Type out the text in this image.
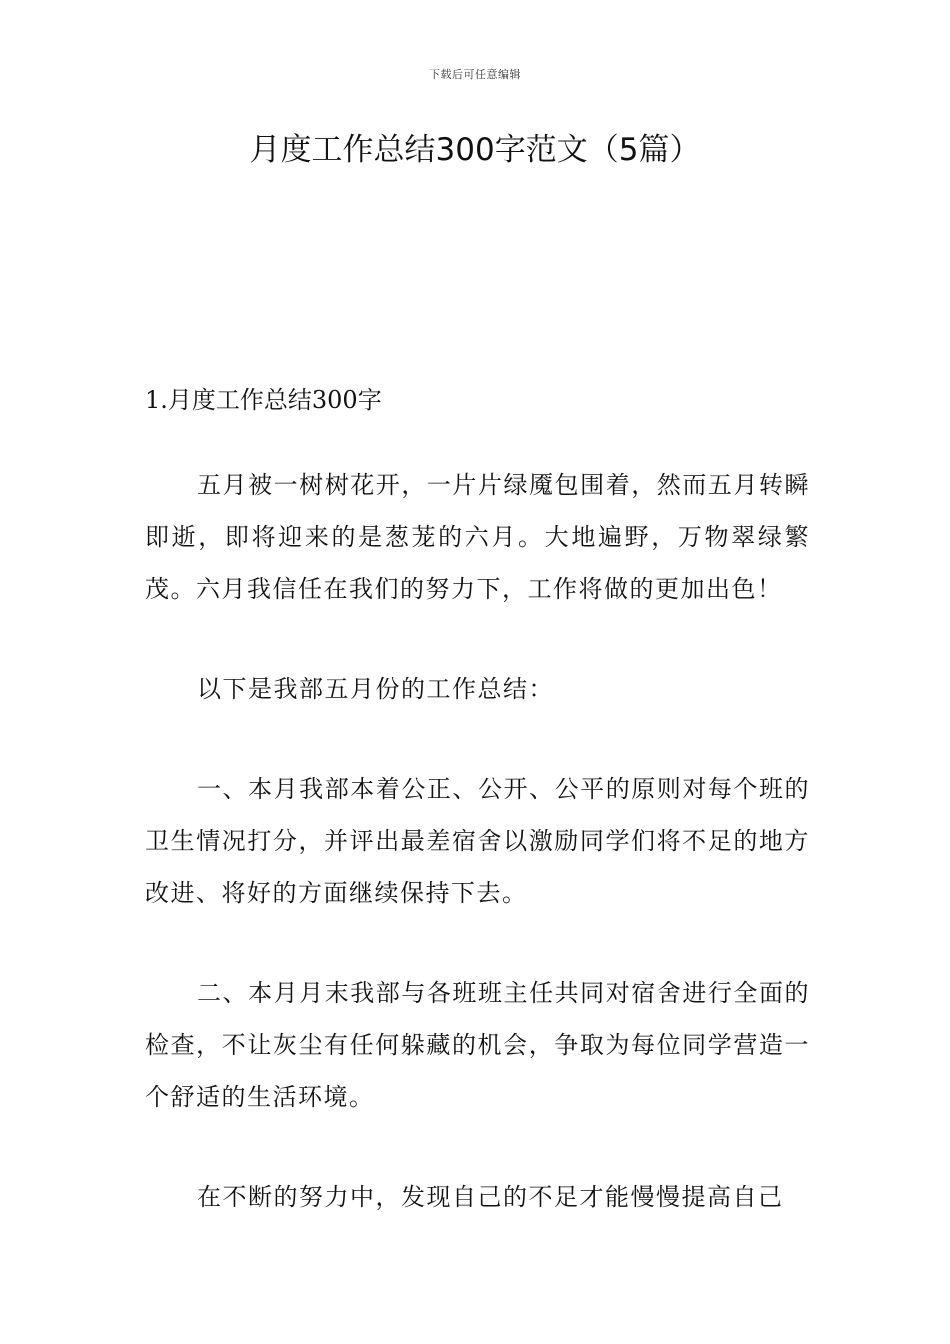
下载后可任意编辑
月度工作总结300字范文（5篇）
1.月度工作总结300字

五月被一树树花开，一片片绿魇包围着，然而五月转瞬即逝，即将迎来的是葱茏的六月。大地遍野，万物翠绿繁茂。六月我信任在我们的努力下，工作将做的更加出色！

以下是我部五月份的工作总结：

一、本月我部本着公正、公开、公平的原则对每个班的卫生情况打分，并评出最差宿舍以激励同学们将不足的地方改进、将好的方面继续保持下去。

二、本月月末我部与各班班主任共同对宿舍进行全面的检查，不让灰尘有任何躲藏的机会，争取为每位同学营造一个舒适的生活环境。

在不断的努力中，发现自己的不足才能慢慢提高自己
